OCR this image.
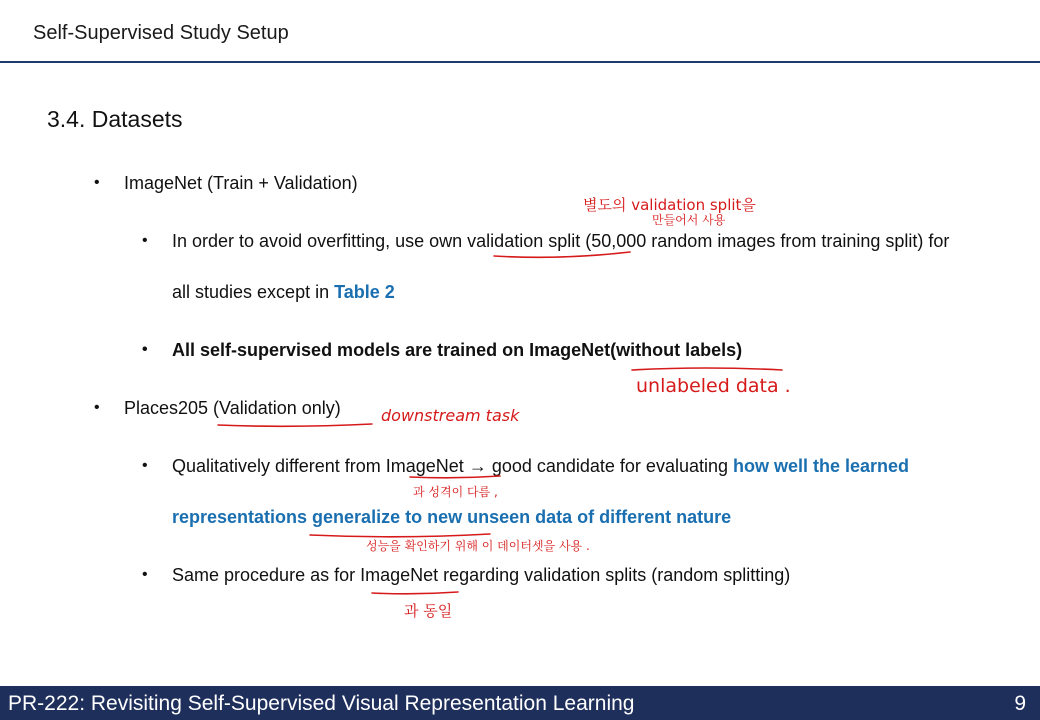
Self-Supervised Study Setup
3.4. Datasets
• ImageNet (Train + Validation)
• In order to avoid overfitting, use own validation split (50,000 random images from training split) for
all studies except in Table 2
• All self-supervised models are trained on ImageNet(without labels)
• Places205 (Validation only)
• Qualitatively different from ImageNet → good candidate for evaluating how well the learned
representations generalize to new unseen data of different nature
• Same procedure as for ImageNet regarding validation splits (random splitting)
별도의 validation split을
만들어서 사용
unlabeled data .
downstream task
과 성격이 다름 ,
성능을 확인하기 위해 이 데이터셋을 사용 .
과 동일
PR-222: Revisiting Self-Supervised Visual Representation Learning	9
